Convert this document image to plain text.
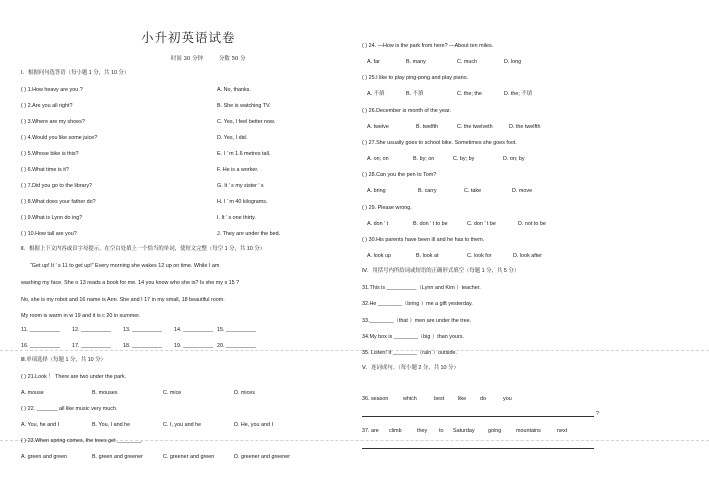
小升初英语试卷
时间 30 分钟	分数 50 分
Ⅰ．根据问句选答语（每小题 1 分，共 10 分）
( ) 1.How heavy are you ?	A. No, thanks.
( ) 2.Are you all right?	B. She is watching TV.
( ) 3.Where are my shoes?	C. Yes, I feel better now.
( ) 4.Would you like some juice?	D. Yes, I did.
( ) 5.Whose bike is this?	E. I ’ m 1.6 metres tall.
( ) 6.What time is it?	F. He is a worker.
( ) 7.Did you go to the library?	G. It ’ s my sister ’ s
( ) 8.What does your father do?	H. I ’ m 40 kilograms.
( ) 9.What is Lynn do ing?	I. It ’ s one thirty.
( ) 10.How tall are you?	J. They are under the bed.
Ⅱ．根据上下文内容或首字母提示，在空白处填上一个恰当的单词，使短文完整（每空 1 分，共 10 分）
“Get up! It ’ s 11 to get up!” Every morning she wakes 12 up on time. While I am
washing my face. She o 13 reads a book for me. 14 you know who she is? Is she my s 15 ?
No, she is my robot and 16 name is Ann. She and I 17 in my small, 18 beautiful room.
My room is warm in w 19 and it is c 20 in summer.
11. __________ 12. __________ 13. __________ 14. __________ 15. __________
16. __________ 17. __________ 18. __________ 19. __________ 20. __________
Ⅲ.单项选择（每题 1 分，共 10 分）
( ) 21.Look ！ There are two under the park.
A. mouse	B. mouses	C. mice	D. mices
( ) 22. _______ all like music very much.
A. You, he and I	B. You, I and he	C. I, you and he	D. He, you and I
( ) 23.When spring comes, the trees get ________.
A. green and green	B. green and greener	C. greener and green	D. greener and greener
( ) 24. —How is the park from here? —About ten miles.
A. far	B. many	C. much	D. long
( ) 25.I like to play ping-pong and play piano.
A. 不填	B. 不填	C. the; the	D. the; 不填
( ) 26.December is month of the year.
A. twelve	B. twelfth	C. the twelveth	D. the twelfth
( ) 27.She usually goes to school bike. Sometimes she goes foot.
A. on; on	B. by; on	C. by; by	D. on; by
( ) 28.Can you the pen to Tom?
A. bring	B. carry	C. take	D. move
( ) 29. Please wrong.
A. don ’ t	B. don ’ t to be	C. don ’ t be	D. not to be
( ) 30.His parents have been ill and he has to them.
A. look up	B. look at	C. look for	D. look after
Ⅳ．用括号内所给词或短语的正确形式填空（每题 1 分，共 5 分）
31.This is __________（Lynn and Kim ）teacher.
32.He ________（bring ）me a gift yesterday.
33.________（that ）men are under the tree.
34.My box is ________（big ）than yours.
35. Listen! It ________（rain ）outside.
Ⅴ．连词成句。（每小题 2 分，共 10 分）
36. season	which	best	like	do	you
?
37. are climb	they to Saturday going	mountains	next
